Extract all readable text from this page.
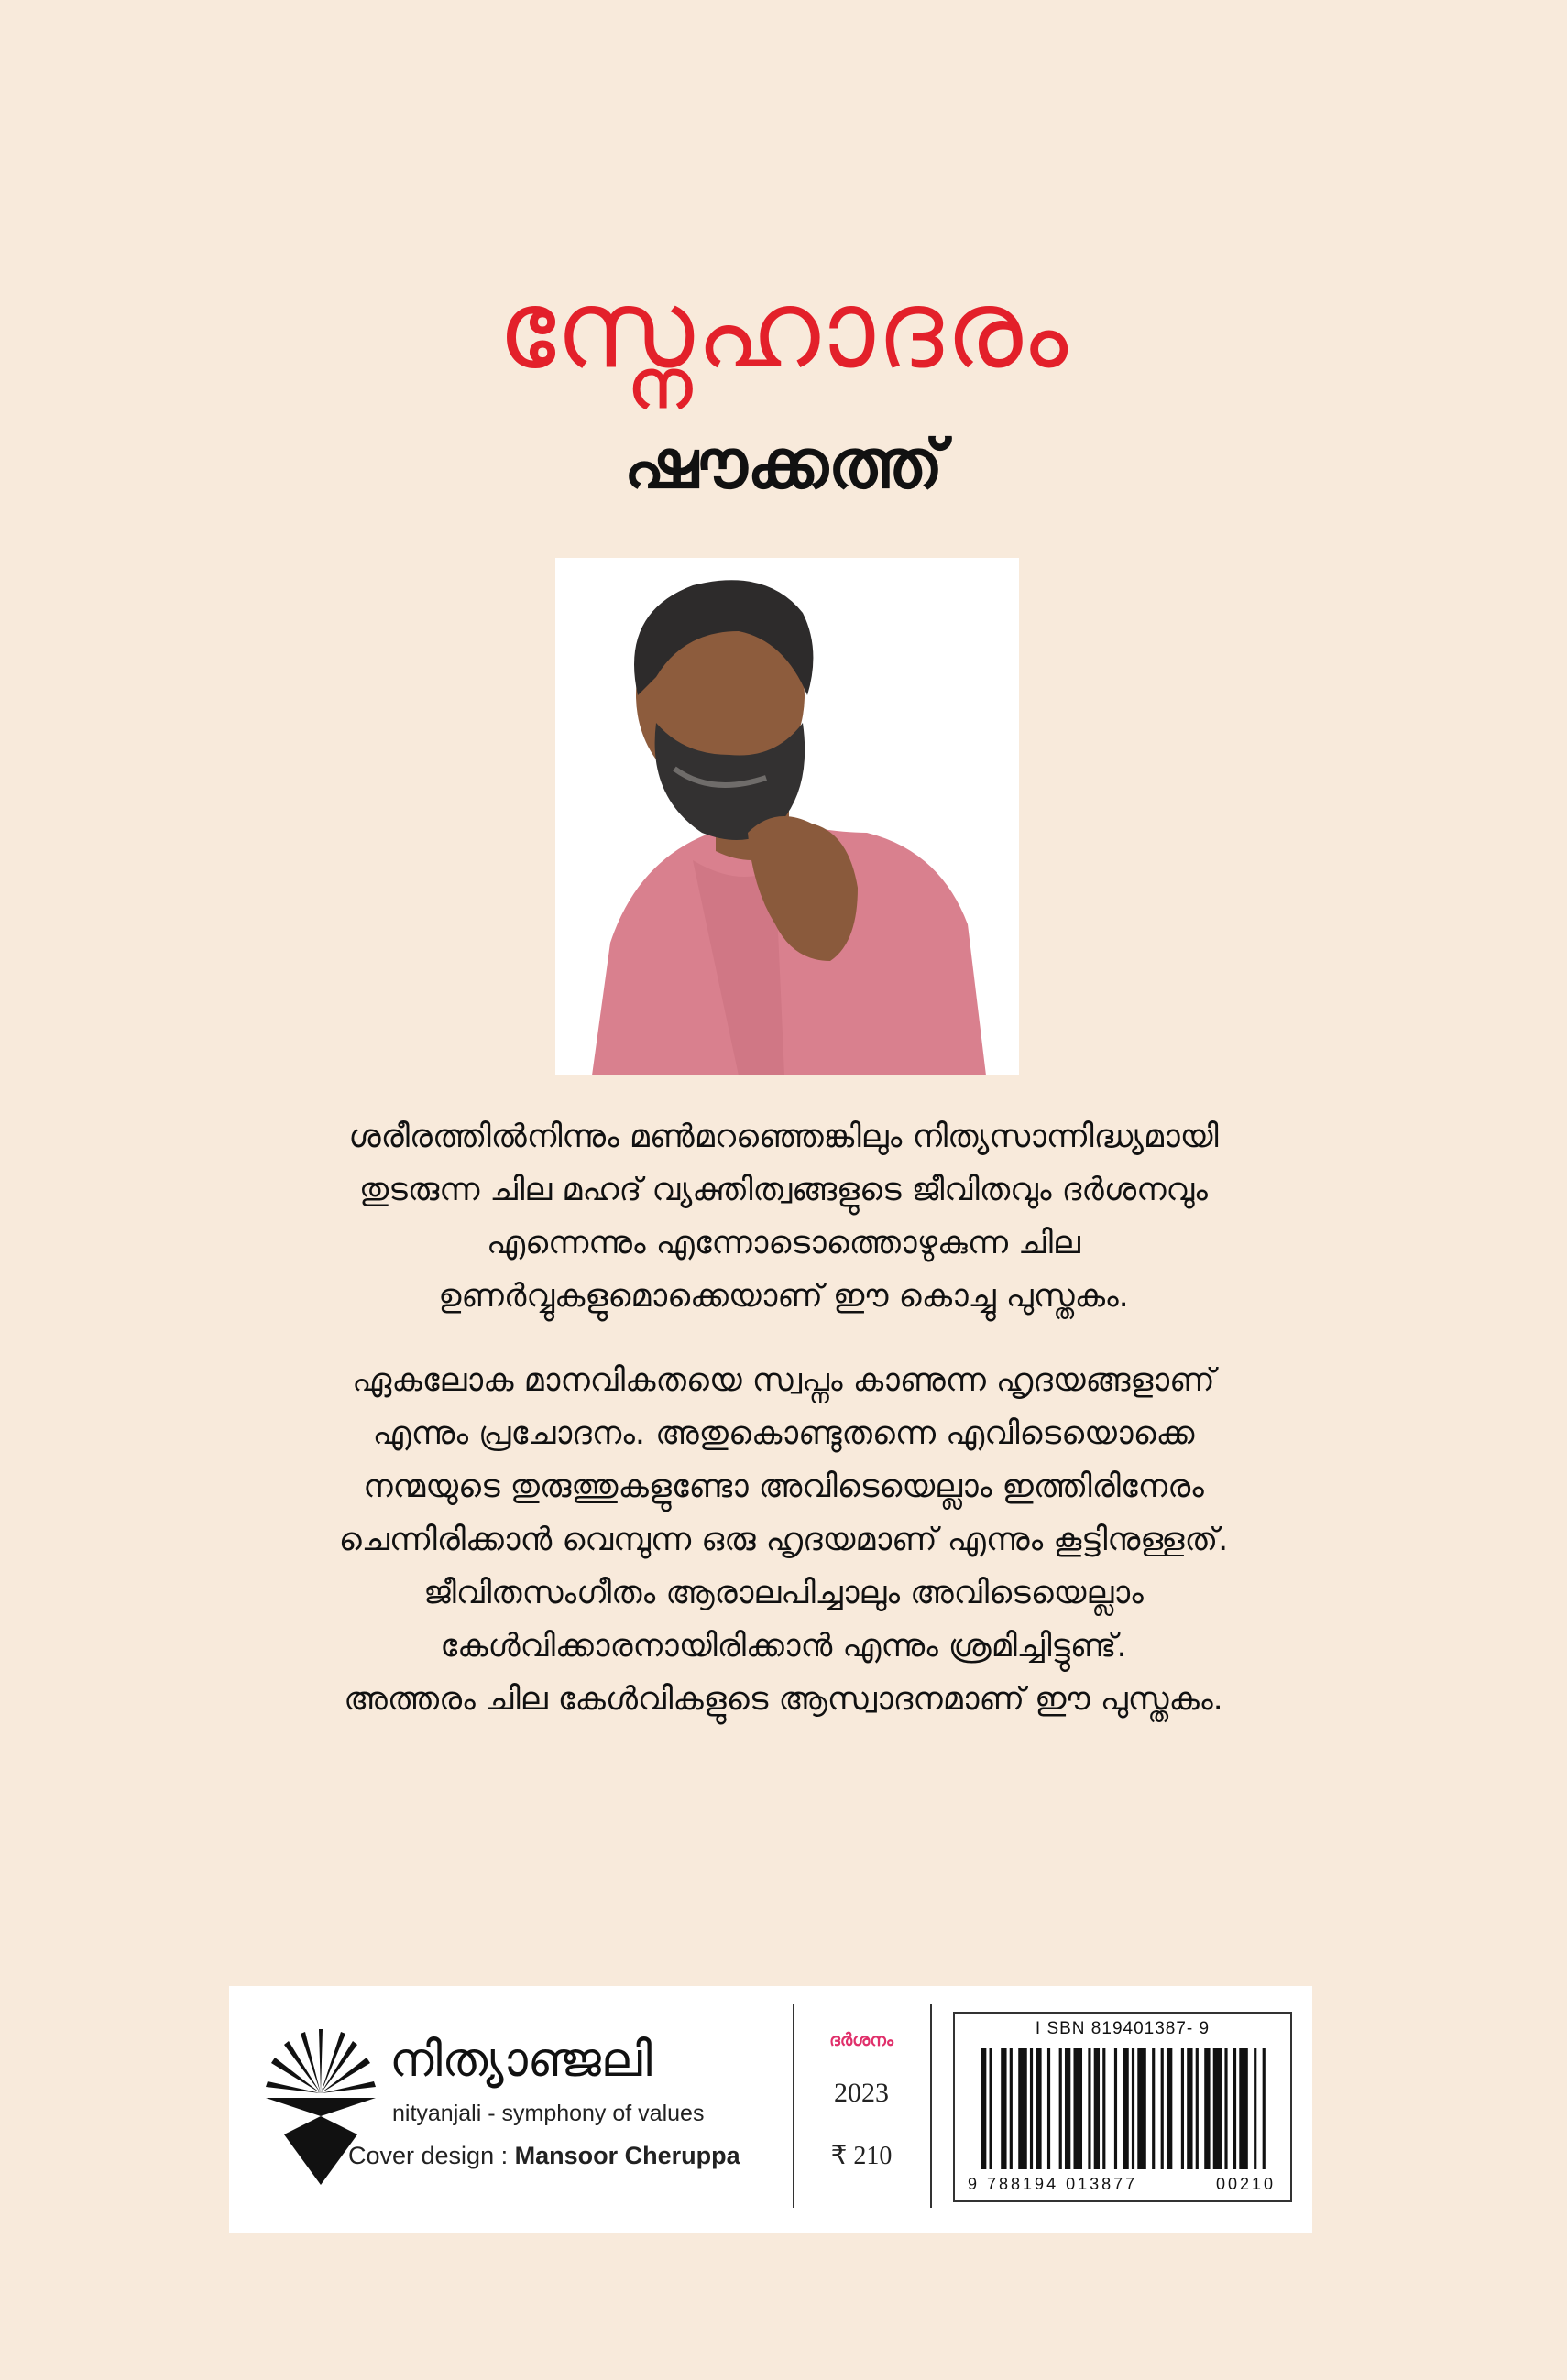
സ്നേഹാദരം
ഷൗക്കത്ത്

ശരീരത്തിൽനിന്നും മൺമറഞ്ഞെങ്കിലും നിത്യസാന്നിദ്ധ്യമായി
തുടരുന്ന ചില മഹദ് വ്യക്തിത്വങ്ങളുടെ ജീവിതവും ദർശനവും
എന്നെന്നും എന്നോടൊത്തൊഴുകുന്ന ചില
ഉണർവ്വുകളുമൊക്കെയാണ് ഈ കൊച്ചു പുസ്തകം.

ഏകലോക മാനവികതയെ സ്വപ്നം കാണുന്ന ഹൃദയങ്ങളാണ്
എന്നും പ്രചോദനം. അതുകൊണ്ടുതന്നെ എവിടെയൊക്കെ
നന്മയുടെ തുരുത്തുകളുണ്ടോ അവിടെയെല്ലാം ഇത്തിരിനേരം
ചെന്നിരിക്കാൻ വെമ്പുന്ന ഒരു ഹൃദയമാണ് എന്നും കൂട്ടിനുള്ളത്.
ജീവിതസംഗീതം ആരാലപിച്ചാലും അവിടെയെല്ലാം
കേൾവിക്കാരനായിരിക്കാൻ എന്നും ശ്രമിച്ചിട്ടുണ്ട്.
അത്തരം ചില കേൾവികളുടെ ആസ്വാദനമാണ് ഈ പുസ്തകം.

നിത്യാഞ്ജലി
nityanjali - symphony of values
Cover design : Mansoor Cheruppa
ദർശനം
2023
₹ 210
I SBN 819401387- 9
9 788194 013877	00210
